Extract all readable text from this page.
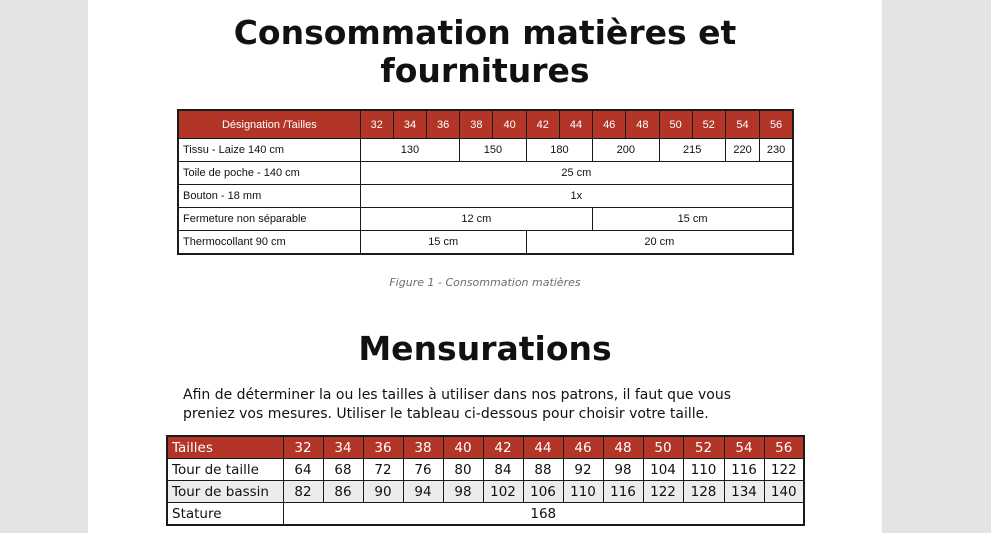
Consommation matières et
fournitures
Désignation /Tailles	32	34	36	38	40	42	44	46	48	50	52	54	56
Tissu - Laize 140 cm	130			150		180		200		215		220	230
Toile de poche - 140 cm	25 cm												
Bouton - 18 mm	1x												
Fermeture non séparable	12 cm							15 cm					
Thermocollant 90 cm	15 cm					20 cm							
Figure 1 - Consommation matières
Mensurations
Afin de déterminer la ou les tailles à utiliser dans nos patrons, il faut que vous
preniez vos mesures. Utiliser le tableau ci-dessous pour choisir votre taille.
Tailles	32	34	36	38	40	42	44	46	48	50	52	54	56
Tour de taille	64	68	72	76	80	84	88	92	98	104	110	116	122
Tour de bassin	82	86	90	94	98	102	106	110	116	122	128	134	140
Stature	168												
